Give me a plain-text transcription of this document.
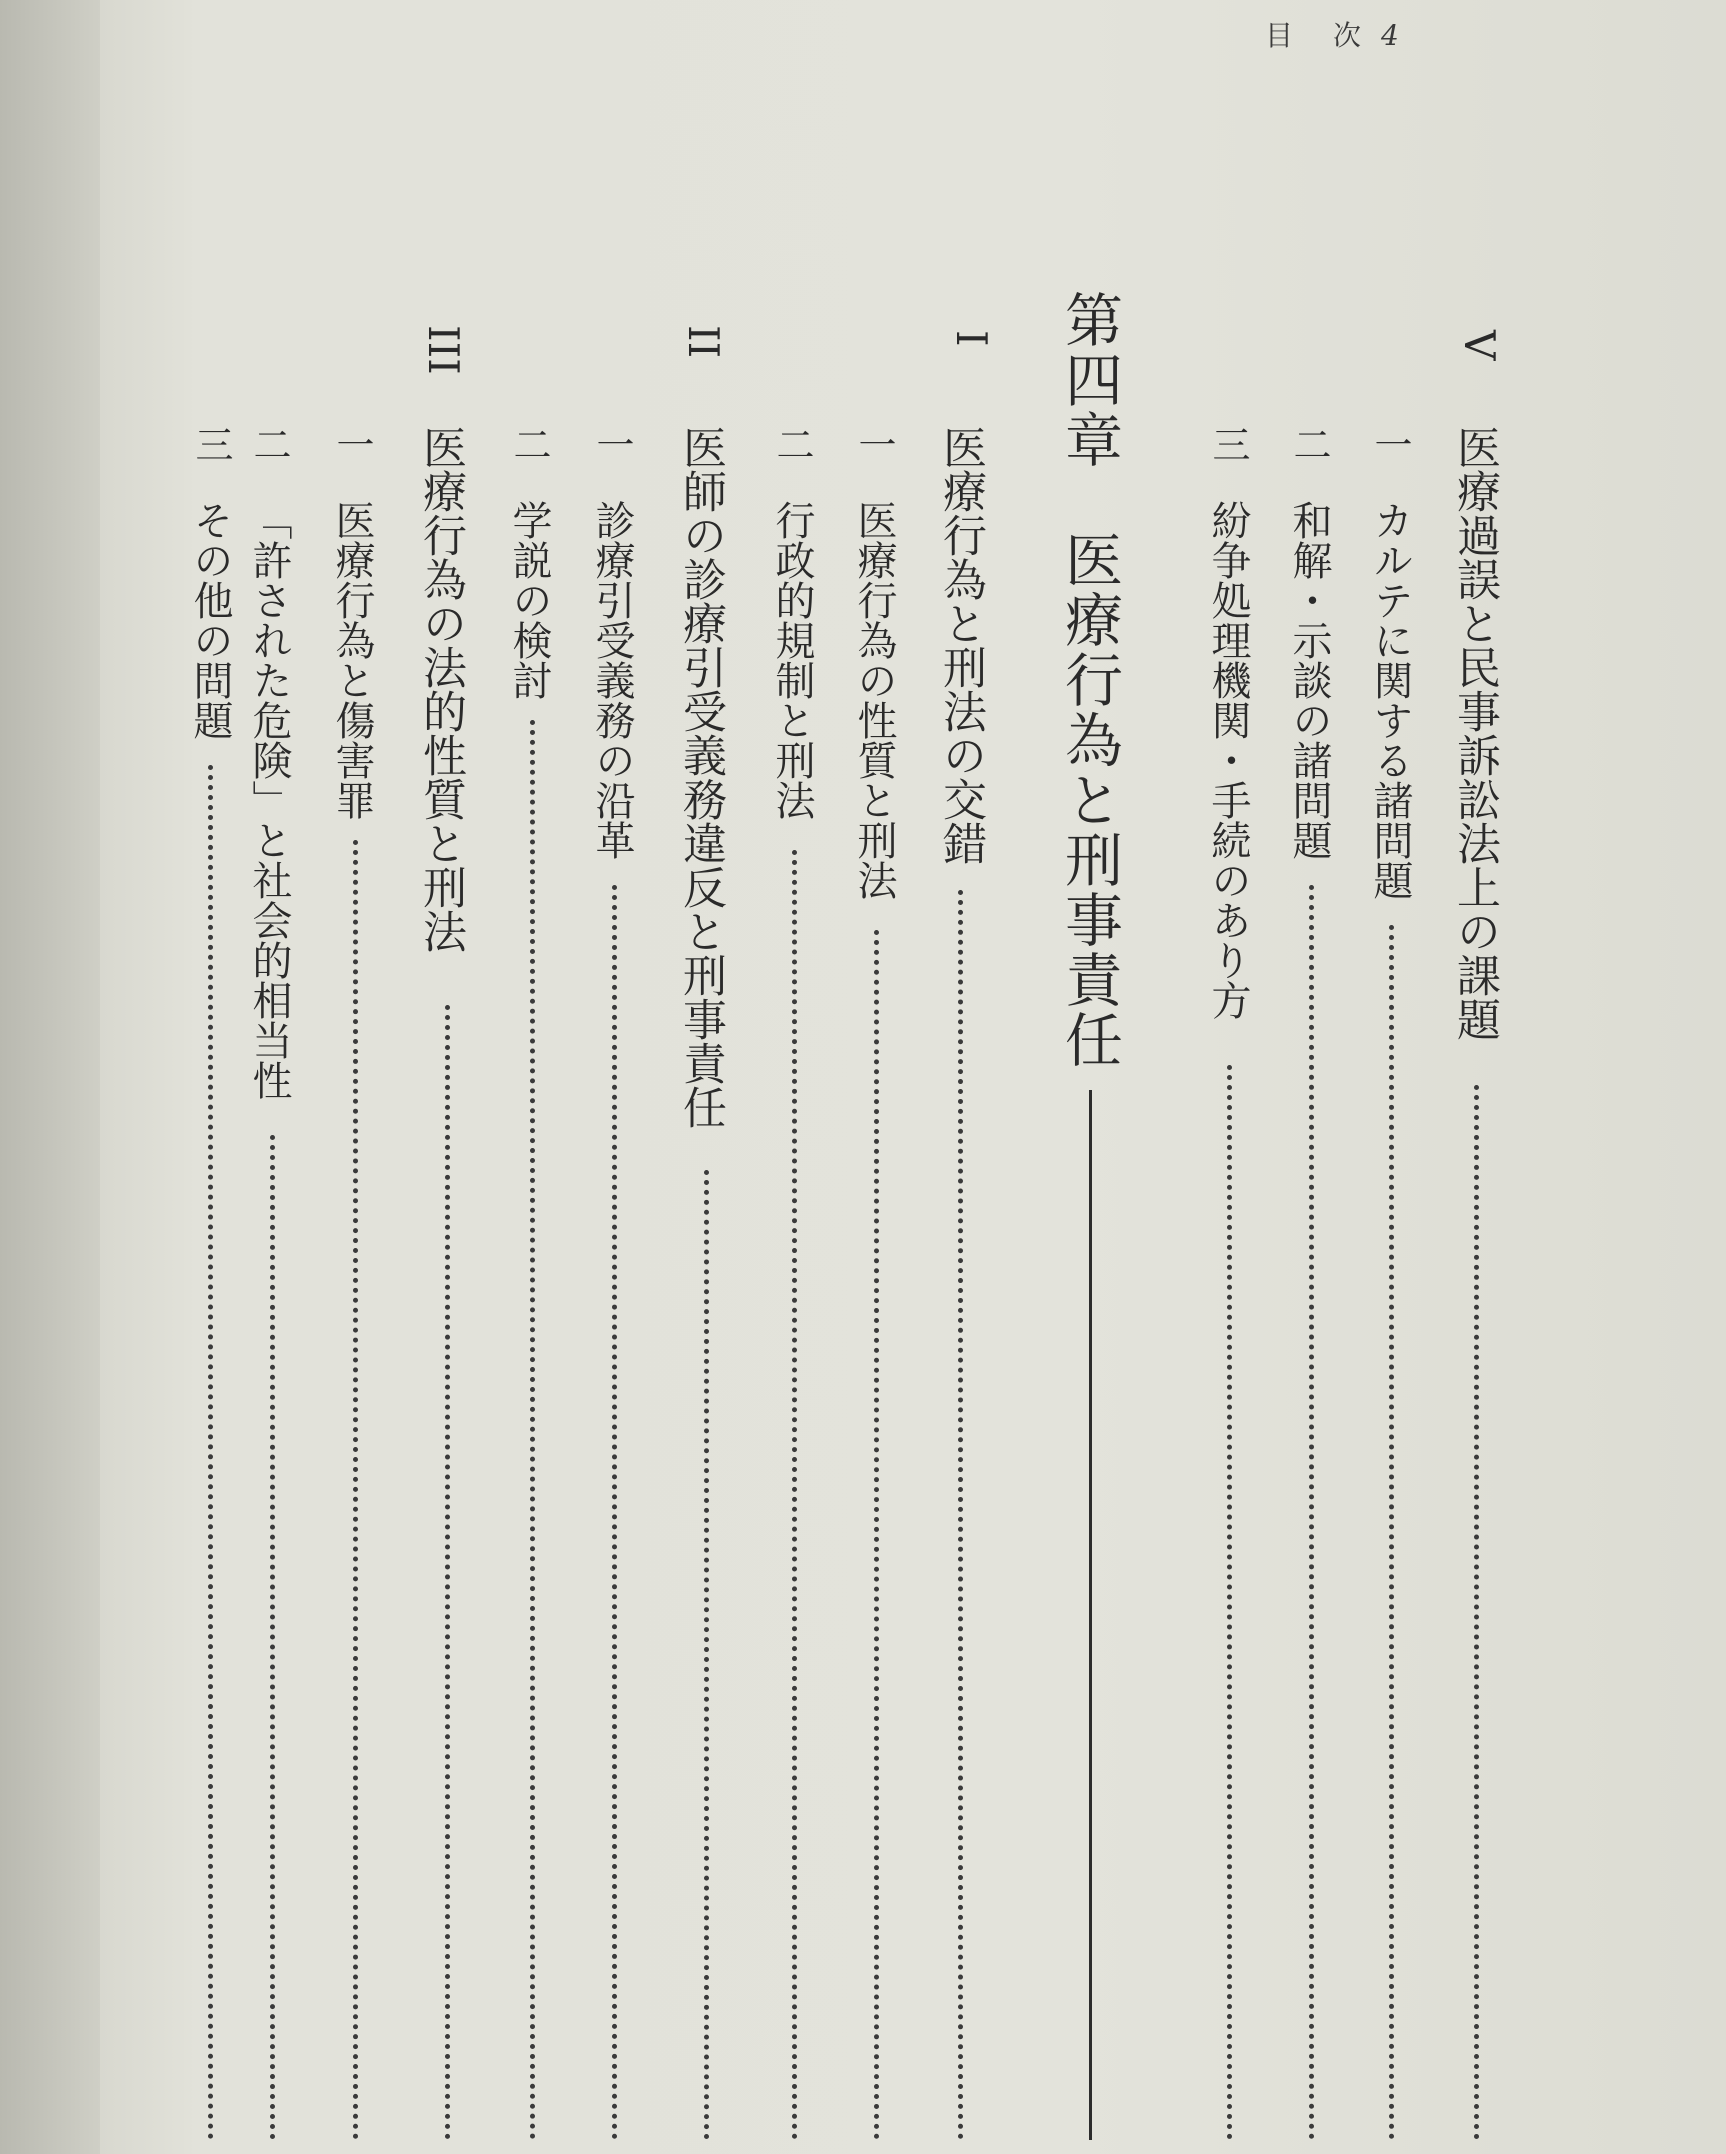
目　次 4
V
医療過誤と民事訴訟法上の課題
一
カルテに関する諸問題
二
和解・示談の諸問題
三
紛争処理機関・手続のあり方
第四章　医療行為と刑事責任
I
医療行為と刑法の交錯
一
医療行為の性質と刑法
二
行政的規制と刑法
II
医師の診療引受義務違反と刑事責任
一
診療引受義務の沿革
二
学説の検討
III
医療行為の法的性質と刑法
一
医療行為と傷害罪
二
「許された危険」と社会的相当性
三
その他の問題
